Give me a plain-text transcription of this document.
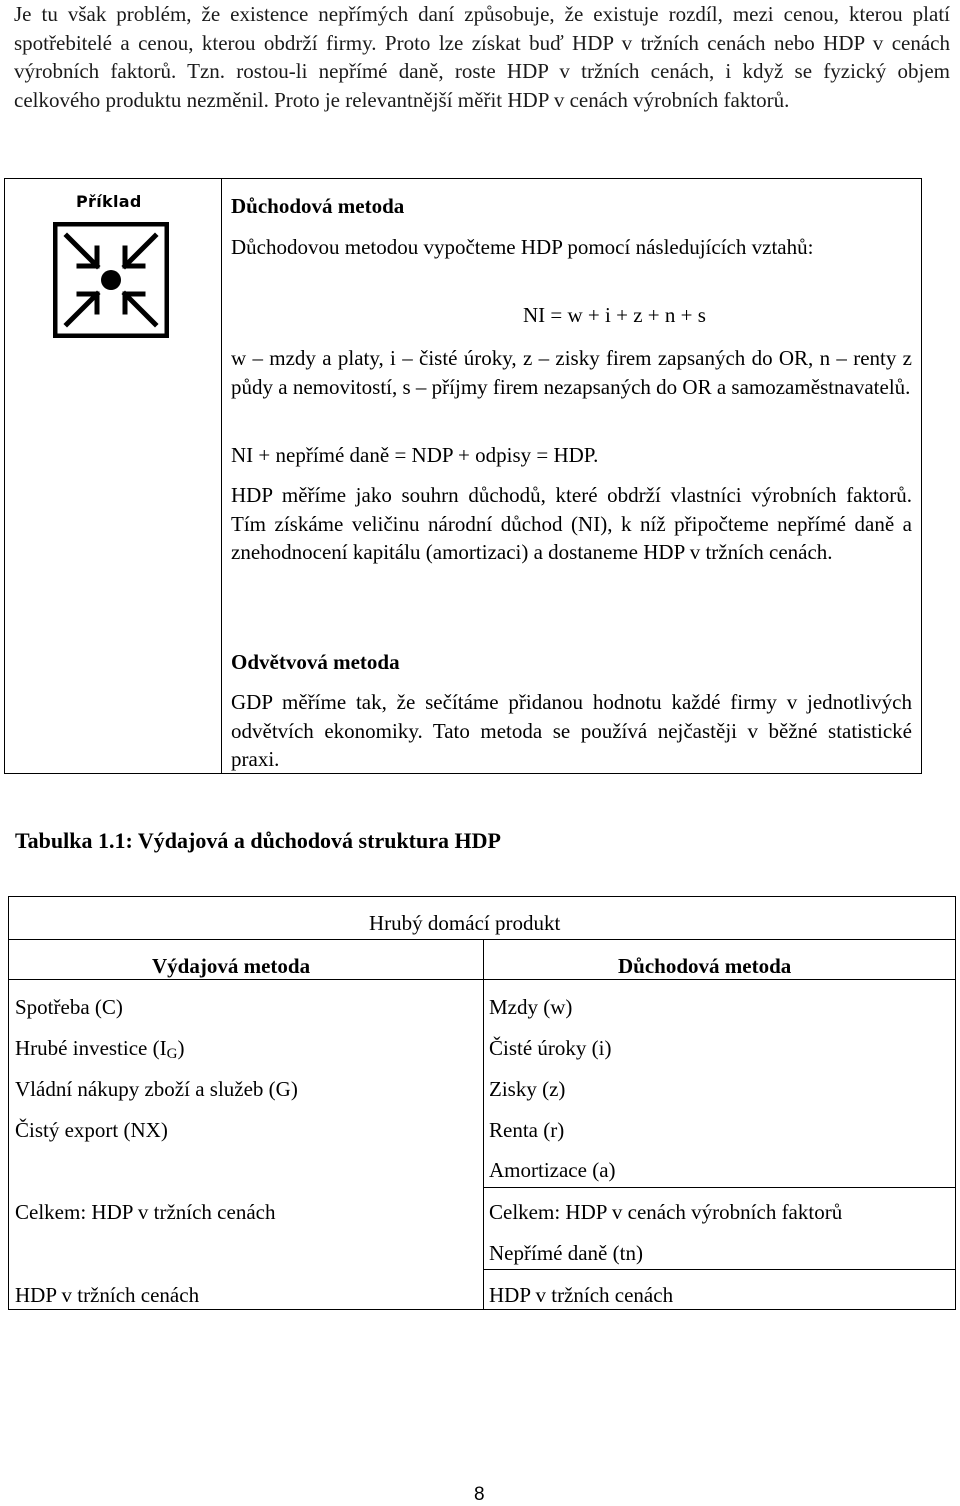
Je tu však problém, že existence nepřímých daní způsobuje, že existuje rozdíl, mezi cenou, kterou platí spotřebitelé a cenou, kterou obdrží firmy. Proto lze získat buď HDP v tržních cenách nebo HDP v cenách výrobních faktorů. Tzn. rostou-li nepřímé daně, roste HDP v tržních cenách, i když se fyzický objem celkového produktu nezměnil. Proto je relevantnější měřit HDP v cenách výrobních faktorů.
Příklad	Důchodová metoda
Důchodovou metodou vypočteme HDP pomocí následujících vztahů:
NI = w + i + z + n + s
w – mzdy a platy, i – čisté úroky, z – zisky firem zapsaných do OR, n – renty z půdy a nemovitostí, s – příjmy firem nezapsaných do OR a samozaměstnavatelů.
NI + nepřímé daně = NDP + odpisy = HDP.
HDP měříme jako souhrn důchodů, které obdrží vlastníci výrobních faktorů. Tím získáme veličinu národní důchod (NI), k níž připočteme nepřímé daně a znehodnocení kapitálu (amortizaci) a dostaneme HDP v tržních cenách.
Odvětvová metoda
GDP měříme tak, že sečítáme přidanou hodnotu každé firmy v jednotlivých odvětvích ekonomiky. Tato metoda se používá nejčastěji v běžné statistické praxi.
Tabulka 1.1: Výdajová a důchodová struktura HDP
Hrubý domácí produkt
Výdajová metoda	Důchodová metoda
Spotřeba (C)
Hrubé investice $(I_G)$
Vládní nákupy zboží a služeb (G)
Čistý export (NX)
Celkem: HDP v tržních cenách
HDP v tržních cenách
Mzdy (w)
Čisté úroky (i)
Zisky (z)
Renta (r)
Amortizace (a)
Celkem: HDP v cenách výrobních faktorů
Nepřímé daně (tn)
HDP v tržních cenách
8
